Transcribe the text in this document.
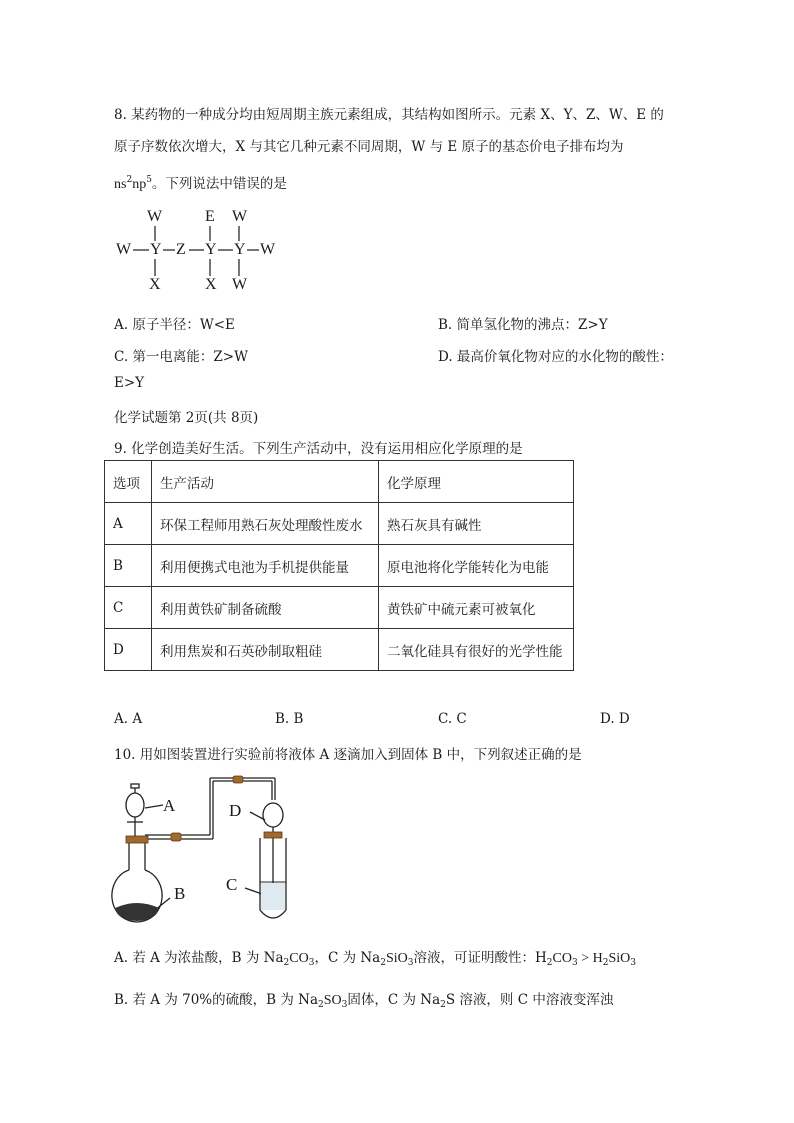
8. 某药物的一种成分均由短周期主族元素组成，其结构如图所示。元素 X、Y、Z、W、E 的
原子序数依次增大，X 与其它几种元素不同周期，W 与 E 原子的基态价电子排布均为
$ns^2np^5$。下列说法中错误的是
W	E W
W Y Z Y Y W
X	X W
A. 原子半径：W<E	B. 简单氢化物的沸点：Z>Y
C. 第一电离能：Z>W	D. 最高价氧化物对应的水化物的酸性：
E>Y
化学试题第 2页(共 8页)
9. 化学创造美好生活。下列生产活动中，没有运用相应化学原理的是
选项	生产活动	化学原理
A	环保工程师用熟石灰处理酸性废水	熟石灰具有碱性
B	利用便携式电池为手机提供能量	原电池将化学能转化为电能
C	利用黄铁矿制备硫酸	黄铁矿中硫元素可被氧化
D	利用焦炭和石英砂制取粗硅	二氧化硅具有很好的光学性能
A. A	B. B	C. C	D. D
10. 用如图装置进行实验前将液体 A 逐滴加入到固体 B 中，下列叙述正确的是
A
B C
D
A. 若 A 为浓盐酸，B 为 $Na_2CO_3$，C 为 $Na_2SiO_3$溶液，可证明酸性：$H_2CO_3 > H_2SiO_3$
B. 若 A 为 70%的硫酸，B 为 $Na_2SO_3$固体，C 为 $Na_2S$ 溶液，则 C 中溶液变浑浊
